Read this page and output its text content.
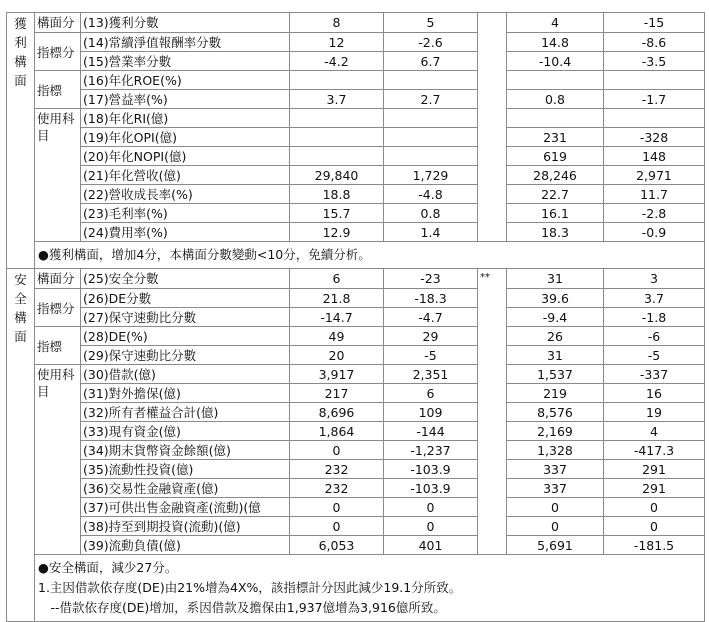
獲
利
構
面	構面分	(13)獲利分數	8	5		4	-15
	指標分	(14)常續淨值報酬率分數	12	-2.6		14.8	-8.6
		(15)營業率分數	-4.2	6.7		-10.4	-3.5
	指標	(16)年化ROE(%)					
		(17)營益率(%)	3.7	2.7		0.8	-1.7
	使用科目	(18)年化RI(億)					
		(19)年化OPI(億)				231	-328
		(20)年化NOPI(億)				619	148
		(21)年化營收(億)	29,840	1,729		28,246	2,971
		(22)營收成長率(%)	18.8	-4.8		22.7	11.7
		(23)毛利率(%)	15.7	0.8		16.1	-2.8
		(24)費用率(%)	12.9	1.4		18.3	-0.9

	●獲利構面，增加4分，本構面分數變動<10分，免續分析。						

安
全
構
面	構面分	(25)安全分數	6	-23	**	31	3
	指標分	(26)DE分數	21.8	-18.3		39.6	3.7
		(27)保守速動比分數	-14.7	-4.7		-9.4	-1.8
	指標	(28)DE(%)	49	29		26	-6
		(29)保守速動比分數	20	-5		31	-5
	使用科目	(30)借款(億)	3,917	2,351		1,537	-337
		(31)對外擔保(億)	217	6		219	16
		(32)所有者權益合計(億)	8,696	109		8,576	19
		(33)現有資金(億)	1,864	-144		2,169	4
		(34)期末貨幣資金餘額(億)	0	-1,237		1,328	-417.3
		(35)流動性投資(億)	232	-103.9		337	291
		(36)交易性金融資產(億)	232	-103.9		337	291
		(37)可供出售金融資產(流動)(億	0	0		0	0
		(38)持至到期投資(流動)(億)	0	0		0	0
		(39)流動負債(億)	6,053	401		5,691	-181.5

	●安全構面，減少27分。
1.主因借款依存度(DE)由21%增為4X%，該指標計分因此減少19.1分所致。
　--借款依存度(DE)增加，系因借款及擔保由1,937億增為3,916億所致。						
